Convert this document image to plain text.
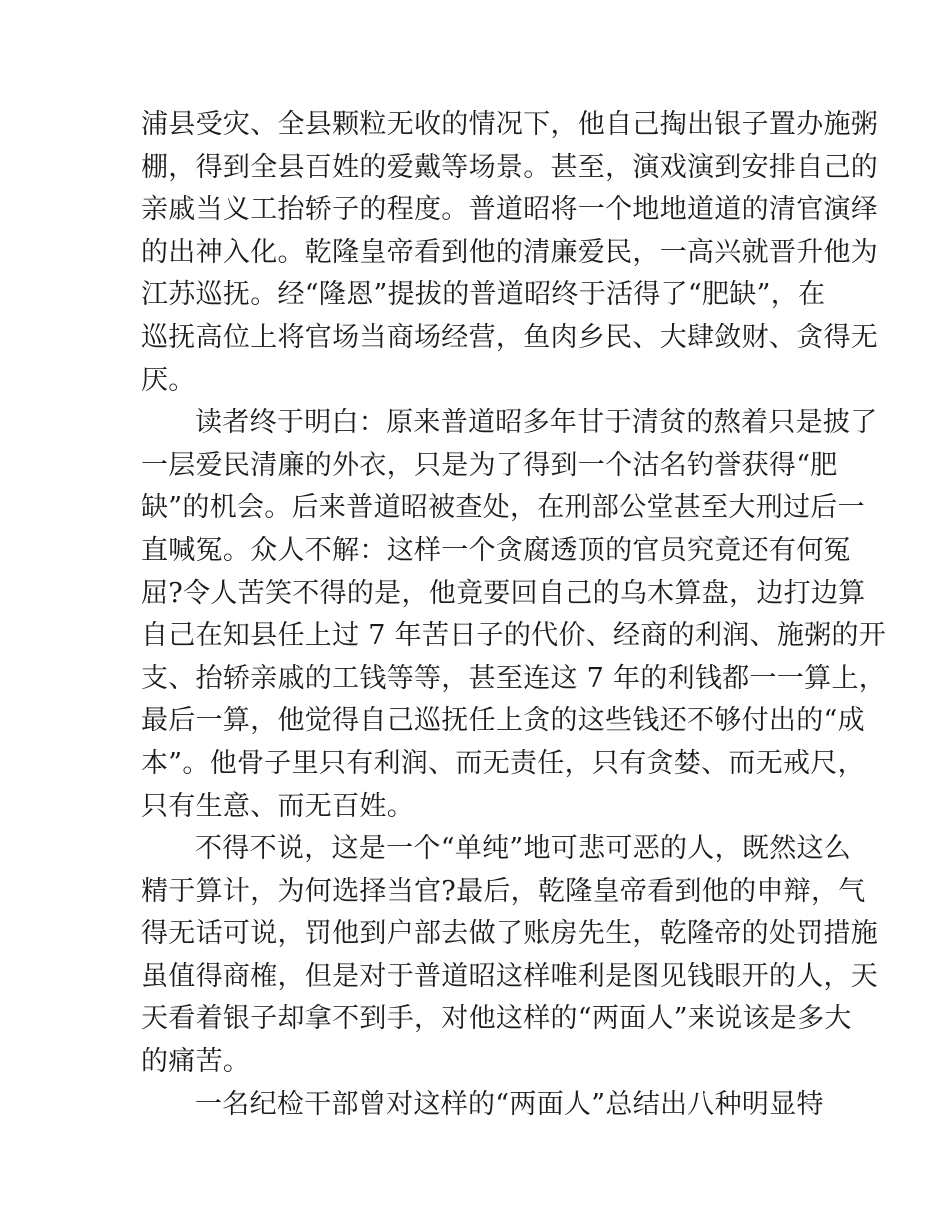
浦县受灾、全县颗粒无收的情况下，他自己掏出银子置办施粥
棚，得到全县百姓的爱戴等场景。甚至，演戏演到安排自己的
亲戚当义工抬轿子的程度。普道昭将一个地地道道的清官演绎
的出神入化。乾隆皇帝看到他的清廉爱民，一高兴就晋升他为
江苏巡抚。经“隆恩”提拔的普道昭终于活得了“肥缺”，在
巡抚高位上将官场当商场经营，鱼肉乡民、大肆敛财、贪得无
厌。
读者终于明白：原来普道昭多年甘于清贫的熬着只是披了
一层爱民清廉的外衣，只是为了得到一个沽名钓誉获得“肥
缺”的机会。后来普道昭被查处，在刑部公堂甚至大刑过后一
直喊冤。众人不解：这样一个贪腐透顶的官员究竟还有何冤
屈?令人苦笑不得的是，他竟要回自己的乌木算盘，边打边算
自己在知县任上过 7 年苦日子的代价、经商的利润、施粥的开
支、抬轿亲戚的工钱等等，甚至连这 7 年的利钱都一一算上，
最后一算，他觉得自己巡抚任上贪的这些钱还不够付出的“成
本”。他骨子里只有利润、而无责任，只有贪婪、而无戒尺，
只有生意、而无百姓。
不得不说，这是一个“单纯”地可悲可恶的人，既然这么
精于算计，为何选择当官?最后，乾隆皇帝看到他的申辩，气
得无话可说，罚他到户部去做了账房先生，乾隆帝的处罚措施
虽值得商榷，但是对于普道昭这样唯利是图见钱眼开的人，天
天看着银子却拿不到手，对他这样的“两面人”来说该是多大
的痛苦。
一名纪检干部曾对这样的“两面人”总结出八种明显特
